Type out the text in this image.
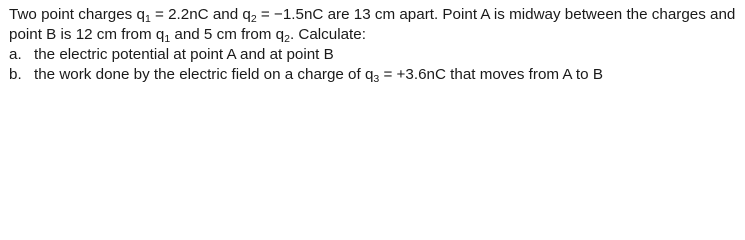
Two point charges $q_1 = 2.2nC$ and $q_2 = -1.5nC$ are 13 cm apart. Point A is midway between the charges and
point B is 12 cm from $q_1$ and 5 cm from $q_2$. Calculate:
a. the electric potential at point A and at point B
b. the work done by the electric field on a charge of $q_3 = +3.6nC$ that moves from A to B
